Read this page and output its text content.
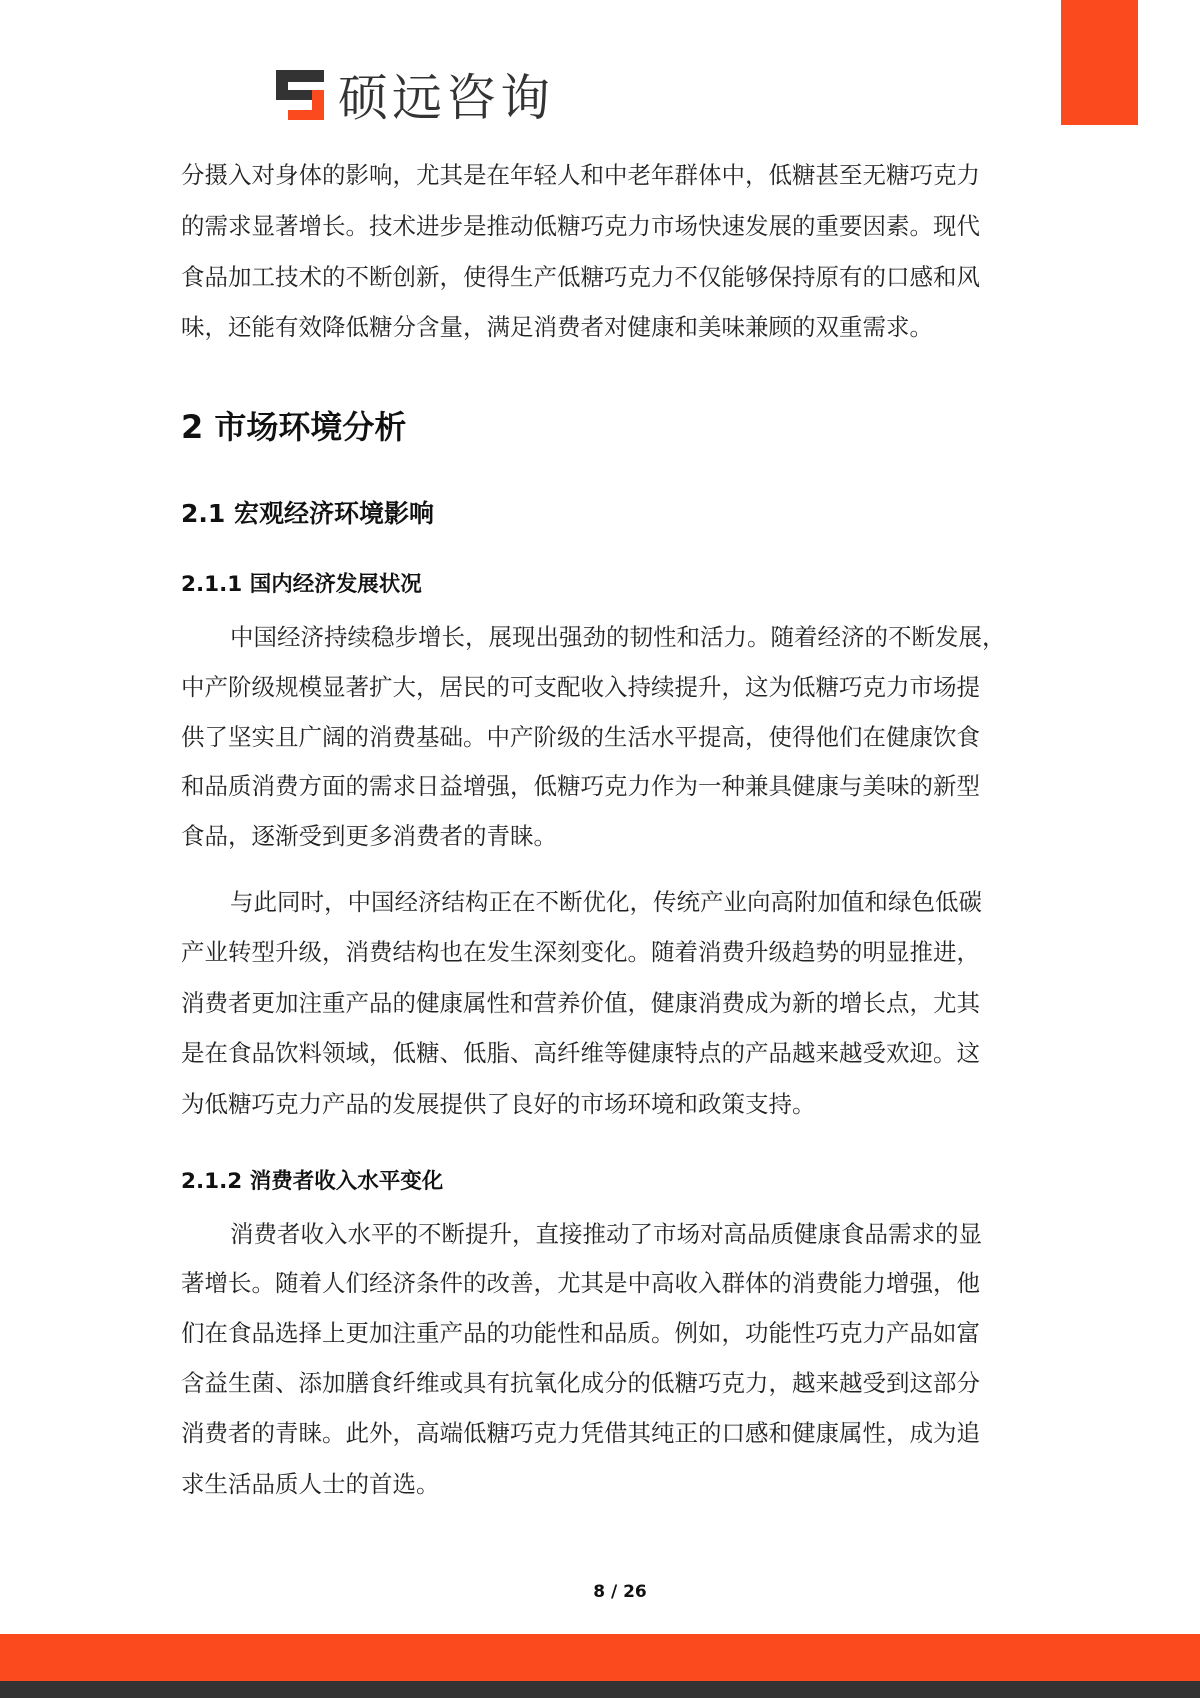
硕远咨询
分摄入对身体的影响，尤其是在年轻人和中老年群体中，低糖甚至无糖巧克力
的需求显著增长。技术进步是推动低糖巧克力市场快速发展的重要因素。现代
食品加工技术的不断创新，使得生产低糖巧克力不仅能够保持原有的口感和风
味，还能有效降低糖分含量，满足消费者对健康和美味兼顾的双重需求。
2 市场环境分析
2.1 宏观经济环境影响
2.1.1 国内经济发展状况
中国经济持续稳步增长，展现出强劲的韧性和活力。随着经济的不断发展，
中产阶级规模显著扩大，居民的可支配收入持续提升，这为低糖巧克力市场提
供了坚实且广阔的消费基础。中产阶级的生活水平提高，使得他们在健康饮食
和品质消费方面的需求日益增强，低糖巧克力作为一种兼具健康与美味的新型
食品，逐渐受到更多消费者的青睐。
与此同时，中国经济结构正在不断优化，传统产业向高附加值和绿色低碳
产业转型升级，消费结构也在发生深刻变化。随着消费升级趋势的明显推进，
消费者更加注重产品的健康属性和营养价值，健康消费成为新的增长点，尤其
是在食品饮料领域，低糖、低脂、高纤维等健康特点的产品越来越受欢迎。这
为低糖巧克力产品的发展提供了良好的市场环境和政策支持。
2.1.2 消费者收入水平变化
消费者收入水平的不断提升，直接推动了市场对高品质健康食品需求的显
著增长。随着人们经济条件的改善，尤其是中高收入群体的消费能力增强，他
们在食品选择上更加注重产品的功能性和品质。例如，功能性巧克力产品如富
含益生菌、添加膳食纤维或具有抗氧化成分的低糖巧克力，越来越受到这部分
消费者的青睐。此外，高端低糖巧克力凭借其纯正的口感和健康属性，成为追
求生活品质人士的首选。
8 / 26
